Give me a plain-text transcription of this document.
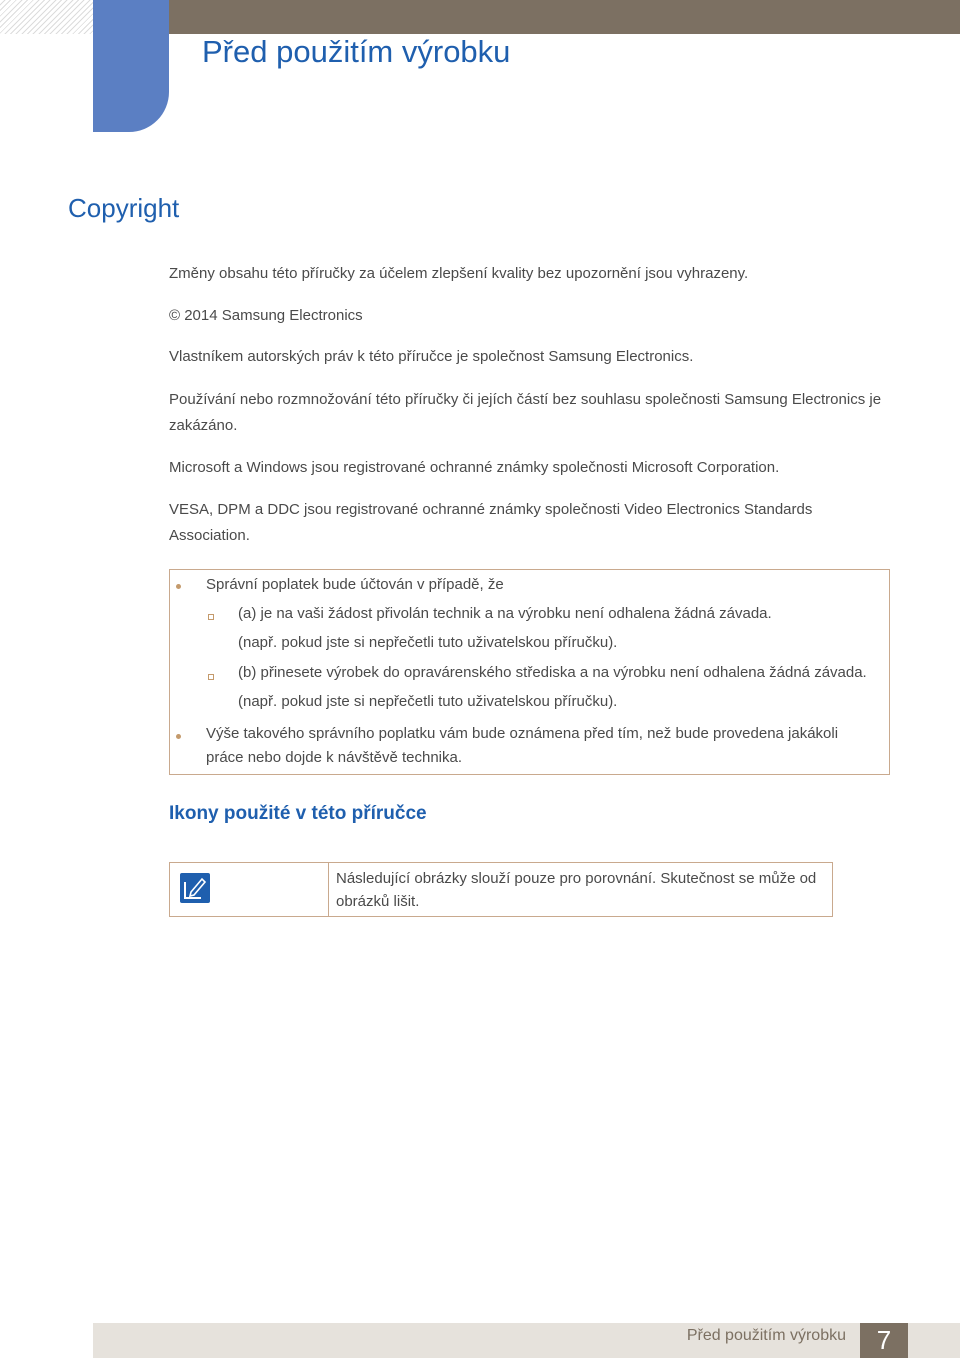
Před použitím výrobku
Copyright

Změny obsahu této příručky za účelem zlepšení kvality bez upozornění jsou vyhrazeny.

© 2014 Samsung Electronics

Vlastníkem autorských práv k této příručce je společnost Samsung Electronics.

Používání nebo rozmnožování této příručky či jejích částí bez souhlasu společnosti Samsung Electronics je zakázáno.

Microsoft a Windows jsou registrované ochranné známky společnosti Microsoft Corporation.

VESA, DPM a DDC jsou registrované ochranné známky společnosti Video Electronics Standards Association.

Správní poplatek bude účtován v případě, že
(a) je na vaši žádost přivolán technik a na výrobku není odhalena žádná závada.
(např. pokud jste si nepřečetli tuto uživatelskou příručku).
(b) přinesete výrobek do opravárenského střediska a na výrobku není odhalena žádná závada.
(např. pokud jste si nepřečetli tuto uživatelskou příručku).
Výše takového správního poplatku vám bude oznámena před tím, než bude provedena jakákoli práce nebo dojde k návštěvě technika.
Ikony použité v této příručce
Následující obrázky slouží pouze pro porovnání. Skutečnost se může od obrázků lišit.
Před použitím výrobku	7
